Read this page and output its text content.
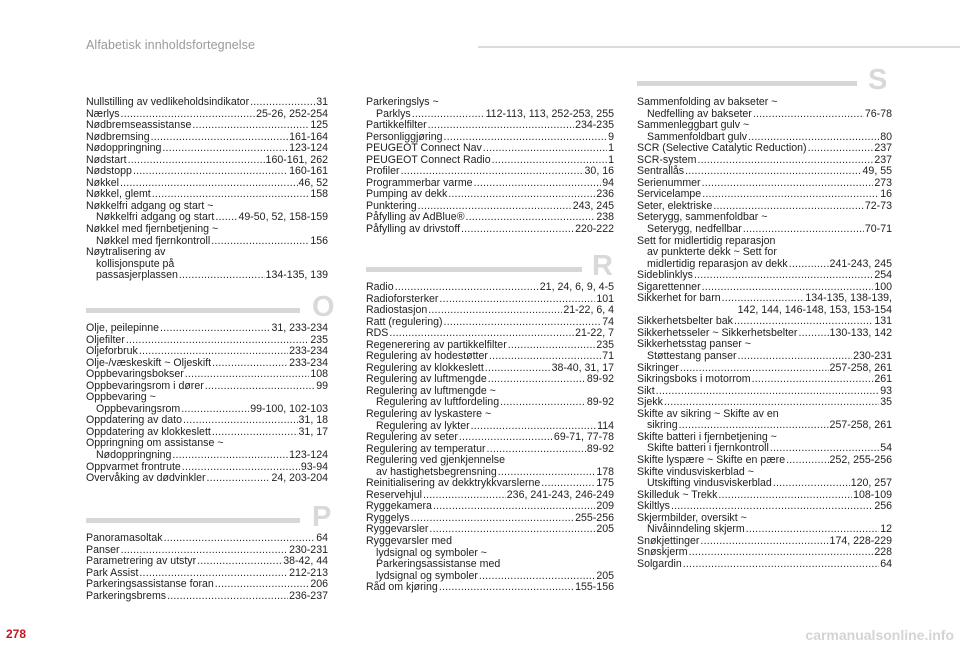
Alfabetisk innholdsfortegnelse
Nullstilling av vedlikeholdsindikator .....	31
Nærlys .....	25-26, 252-254
Nødbremseassistanse .....	125
Nødbremsing .....	161-164
Nødoppringning .....	123-124
Nødstart .....	160-161, 262
Nødstopp .....	160-161
Nøkkel .....	46, 52
Nøkkel, glemt .....	158
Nøkkelfri adgang og start ~
Nøkkelfri adgang og start ..... 49-50, 52, 158-159
Nøkkel med fjernbetjening ~
Nøkkel med fjernkontroll .....	156
Nøytralisering av
kollisjonspute på
passasjerplassen .....	134-135, 139
O
Olje, peilepinne .....	31, 233-234
Oljefilter .....	235
Oljeforbruk .....	233-234
Olje-/væskeskift ~ Oljeskift .....	233-234
Oppbevaringsbokser .....	108
Oppbevaringsrom i dører .....	99
Oppbevaring ~
Oppbevaringsrom .....	99-100, 102-103
Oppdatering av dato .....	31, 18
Oppdatering av klokkeslett .....	31, 17
Oppringning om assistanse ~
Nødoppringning .....	123-124
Oppvarmet frontrute .....	93-94
Overvåking av dødvinkler .....	24, 203-204
P
Panoramasoltak .....	64
Panser .....	230-231
Parametrering av utstyr .....	38-42, 44
Park Assist .....	212-213
Parkeringsassistanse foran .....	206
Parkeringsbrems .....	236-237
Parkeringslys ~
Parklys .....	112-113, 113, 252-253, 255
Partikkelfilter .....	234-235
Personliggjøring .....	9
PEUGEOT Connect Nav .....	1
PEUGEOT Connect Radio .....	1
Profiler .....	30, 16
Programmerbar varme .....	94
Pumping av dekk .....	236
Punktering .....	243, 245
Påfylling av AdBlue® .....	238
Påfylling av drivstoff .....	220-222
R
Radio .....	21, 24, 6, 9, 4-5
Radioforsterker .....	101
Radiostasjon .....	21-22, 6, 4
Ratt (regulering) .....	74
RDS .....	21-22, 7
Regenerering av partikkelfilter .....	235
Regulering av hodestøtter .....	71
Regulering av klokkeslett .....	38-40, 31, 17
Regulering av luftmengde .....	89-92
Regulering av luftmengde ~
Regulering av luftfordeling .....	89-92
Regulering av lyskastere ~
Regulering av lykter .....	114
Regulering av seter .....	69-71, 77-78
Regulering av temperatur .....	89-92
Regulering ved gjenkjennelse
av hastighetsbegrensning .....	178
Reinitialisering av dekktrykkvarslerne .....	175
Reservehjul .....	236, 241-243, 246-249
Ryggekamera .....	209
Ryggelys .....	255-256
Ryggevarsler .....	205
Ryggevarsler med
lydsignal og symboler ~
Parkeringsassistanse med
lydsignal og symboler .....	205
Råd om kjøring .....	155-156
S
Sammenfolding av bakseter ~
Nedfelling av bakseter .....	76-78
Sammenleggbart gulv ~
Sammenfoldbart gulv .....	80
SCR (Selective Catalytic Reduction) .....	237
SCR-system .....	237
Sentrallås .....	49, 55
Serienummer .....	273
Servicelampe .....	16
Seter, elektriske .....	72-73
Seterygg, sammenfoldbar ~
Seterygg, nedfellbar .....	70-71
Sett for midlertidig reparasjon
av punkterte dekk ~ Sett for
midlertidig reparasjon av dekk .....	241-243, 245
Sideblinklys .....	254
Sigarettenner .....	100
Sikkerhet for barn .....	134-135, 138-139,
142, 144, 146-148, 153, 153-154
Sikkerhetsbelter bak .....	131
Sikkerhetsseler ~ Sikkerhetsbelter .....	130-133, 142
Sikkerhetsstag panser ~
Støttestang panser .....	230-231
Sikringer .....	257-258, 261
Sikringsboks i motorrom .....	261
Sikt .....	93
Sjekk .....	35
Skifte av sikring ~ Skifte av en
sikring .....	257-258, 261
Skifte batteri i fjernbetjening ~
Skifte batteri i fjernkontroll .....	54
Skifte lyspære ~ Skifte en pære .....	252, 255-256
Skifte vindusviskerblad ~
Utskifting vindusviskerblad .....	120, 257
Skilleduk ~ Trekk .....	108-109
Skiltlys .....	256
Skjermbilder, oversikt ~
Nivåinndeling skjerm .....	12
Snøkjettinger .....	174, 228-229
Snøskjerm .....	228
Solgardin .....	64
278	carmanualsonline.info
